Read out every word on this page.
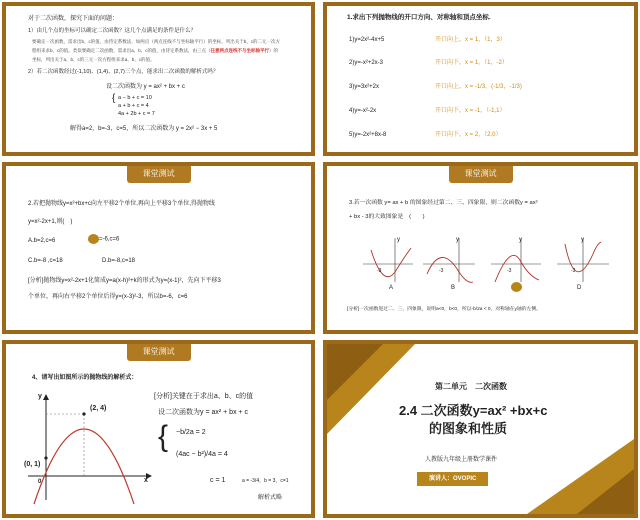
对于二次函数，探究下面的问题：
1）由几个点的坐标可以确定二次函数？这几个点满足的条件是什么？
要确定一次函数，需求出b、c的值，由待定系数法，如两点（两点连线不与坐标轴平行）的坐标，列出关于b、c的二元一次方
程组来求b、c的值。类似要确定二次函数，需求出a、b、c的值，由待定系数法，由三点（任意两点连线不与坐标轴平行）的
坐标，列出关于a、b、c的三元一次方程组来求a、b、c的值。
2）若二次函数经过(-1,10)、(1,4)、(2,7)三个点，能求出二次函数的解析式吗？
设二次函数为 y = ax² + bx + c
{ a − b + c = 10
a + b + c = 4
4a + 2b + c = 7
解得a=2，b=-3，c=5，所以二次函数为 y = 2x² − 3x + 5
1.求出下列抛物线的开口方向、对称轴和顶点坐标.
1)y=2x²-4x+5	开口向上，x = 1，（1，3）
2)y=-x²+2x-3	开口向下，x = 1，（1，-2）
3)y=3x²+2x	开口向上，x = -1/3，(-1/3，-1/3)
4)y=-x²-2x	开口向下，x = -1，（-1,1）
5)y=-2x²+8x-8	开口向下，x = 2，（2,0）
课堂测试
2.若把抛物线y=x²+bx+c向左平移2个单位,再向上平移3个单位,得抛物线
y=x²-2x+1,则(　)
A.b=2,c=6	=-6,c=6
C.b=-8 ,c=18	D.b=-8,c=18
[分析]抛物线y=x²-2x+1化简成y=a(x-h)²+k的形式为y=(x-1)²，先向下平移3
个单位，再向右平移2个单位后得y=(x-3)²-3，所以b=-6，c=6
课堂测试
3.若一次函数 y= ax + b 的图象经过第二、三、四象限，则二次函数y = ax²
+ bx - 3的大致图象是　(　　)
y	y	y	y
-3	-3	-3	-3
A	B	D
[分析]一次函数进过二、三、四象限，说明a<0，b<0，所以-b/2a < 0，对称轴在y轴的左侧。
课堂测试
4、请写出如图所示的抛物线的解析式：
y
x
0
(2, 4)
(0, 1)
[分析]关键在于求出a、b、c的值
设二次函数为y = ax² + bx + c
{ −b/2a = 2
(4ac − b²)/4a = 4
c = 1	a = -3/4，b = 3，c=1
解析式略
第二单元　二次函数
2.4 二次函数y=ax² +bx+c
的图象和性质
人教版九年级上册数学课件
演讲人：OVOPIC
